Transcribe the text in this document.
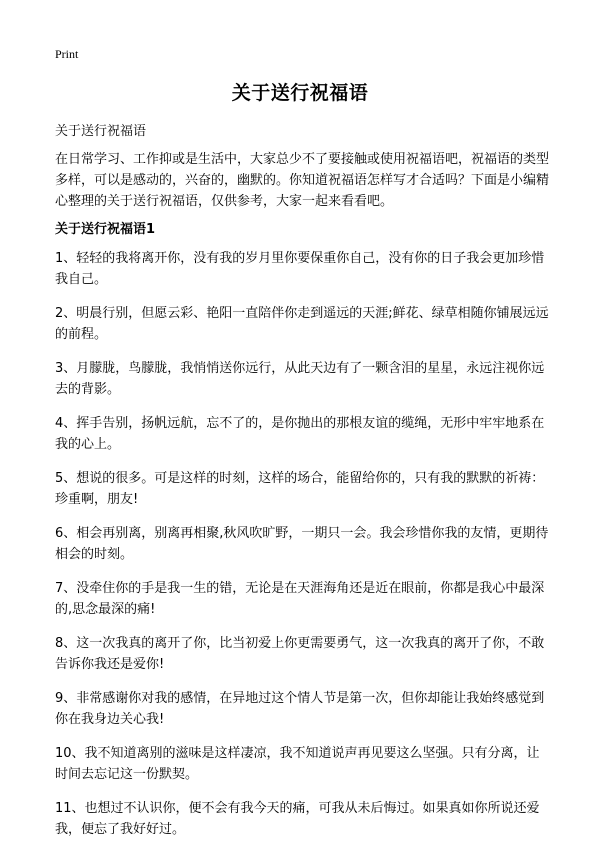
Print
关于送行祝福语
关于送行祝福语
在日常学习、工作抑或是生活中，大家总少不了要接触或使用祝福语吧，祝福语的类型多样，可以是感动的，兴奋的，幽默的。你知道祝福语怎样写才合适吗？下面是小编精心整理的关于送行祝福语，仅供参考，大家一起来看看吧。
关于送行祝福语1
1、轻轻的我将离开你，没有我的岁月里你要保重你自己，没有你的日子我会更加珍惜我自己。
2、明晨行别，但愿云彩、艳阳一直陪伴你走到遥远的天涯;鲜花、绿草相随你铺展远远的前程。
3、月朦胧，鸟朦胧，我悄悄送你远行，从此天边有了一颗含泪的星星，永远注视你远去的背影。
4、挥手告别，扬帆远航，忘不了的，是你抛出的那根友谊的缆绳，无形中牢牢地系在我的心上。
5、想说的很多。可是这样的时刻，这样的场合，能留给你的，只有我的默默的祈祷：珍重啊，朋友!
6、相会再别离，别离再相聚,秋风吹旷野，一期只一会。我会珍惜你我的友情，更期待相会的时刻。
7、没牵住你的手是我一生的错，无论是在天涯海角还是近在眼前，你都是我心中最深的,思念最深的痛!
8、这一次我真的离开了你，比当初爱上你更需要勇气，这一次我真的离开了你，不敢告诉你我还是爱你!
9、非常感谢你对我的感情，在异地过这个情人节是第一次，但你却能让我始终感觉到你在我身边关心我!
10、我不知道离别的滋味是这样凄凉，我不知道说声再见要这么坚强。只有分离，让时间去忘记这一份默契。
11、也想过不认识你，便不会有我今天的痛，可我从未后悔过。如果真如你所说还爱我，便忘了我好好过。
